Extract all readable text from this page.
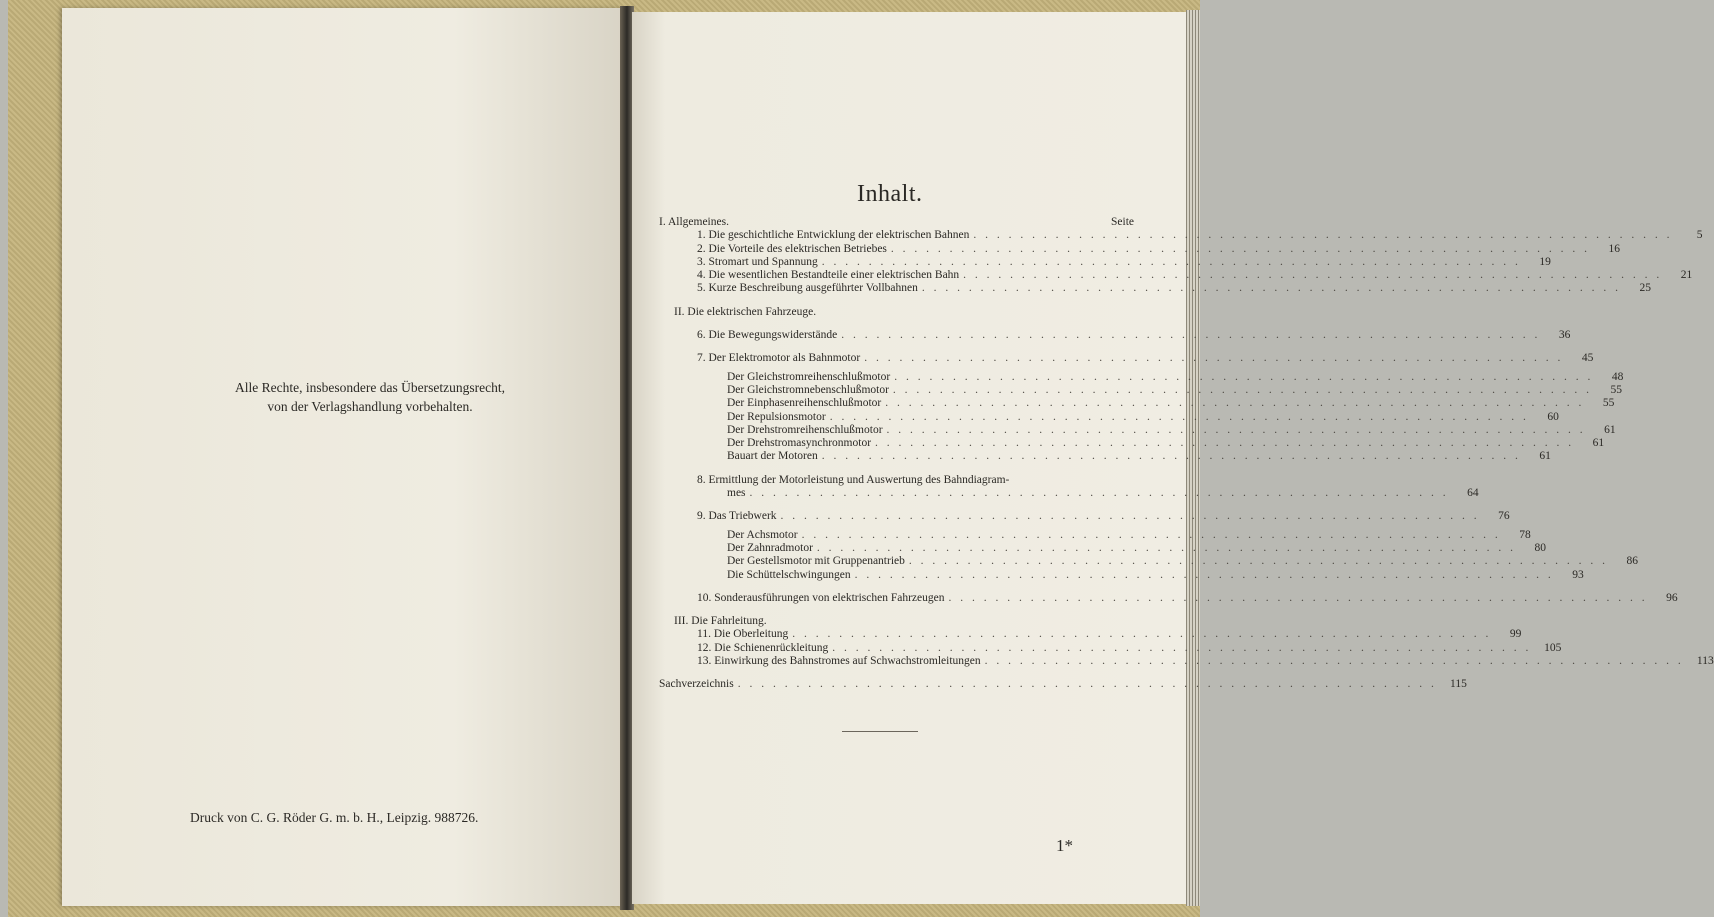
Alle Rechte, insbesondere das Übersetzungsrecht,
von der Verlagshandlung vorbehalten.
Druck von C. G. Röder G. m. b. H., Leipzig. 988726.
Inhalt.
I. Allgemeines.	Seite
1. Die geschichtliche Entwicklung der elektrischen Bahnen . . . . . . . . . . . . . . . . . . . . . . . . . . . . . . . . . . . . . . . . . . . . . . . . . . . . . . . . . . . .	5
2. Die Vorteile des elektrischen Betriebes . . . . . . . . . . . . . . . . . . . . . . . . . . . . . . . . . . . . . . . . . . . . . . . . . . . . . . . . . . . .	16
3. Stromart und Spannung . . . . . . . . . . . . . . . . . . . . . . . . . . . . . . . . . . . . . . . . . . . . . . . . . . . . . . . . . . . .	19
4. Die wesentlichen Bestandteile einer elektrischen Bahn . . . . . . . . . . . . . . . . . . . . . . . . . . . . . . . . . . . . . . . . . . . . . . . . . . . . . . . . . . . .	21
5. Kurze Beschreibung ausgeführter Vollbahnen . . . . . . . . . . . . . . . . . . . . . . . . . . . . . . . . . . . . . . . . . . . . . . . . . . . . . . . . . . . .	25
II. Die elektrischen Fahrzeuge.
6. Die Bewegungswiderstände . . . . . . . . . . . . . . . . . . . . . . . . . . . . . . . . . . . . . . . . . . . . . . . . . . . . . . . . . . . .	36
7. Der Elektromotor als Bahnmotor . . . . . . . . . . . . . . . . . . . . . . . . . . . . . . . . . . . . . . . . . . . . . . . . . . . . . . . . . . . .	45
Der Gleichstromreihenschlußmotor . . . . . . . . . . . . . . . . . . . . . . . . . . . . . . . . . . . . . . . . . . . . . . . . . . . . . . . . . . . .	48
Der Gleichstromnebenschlußmotor . . . . . . . . . . . . . . . . . . . . . . . . . . . . . . . . . . . . . . . . . . . . . . . . . . . . . . . . . . . .	55
Der Einphasenreihenschlußmotor . . . . . . . . . . . . . . . . . . . . . . . . . . . . . . . . . . . . . . . . . . . . . . . . . . . . . . . . . . . .	55
Der Repulsionsmotor . . . . . . . . . . . . . . . . . . . . . . . . . . . . . . . . . . . . . . . . . . . . . . . . . . . . . . . . . . . .	60
Der Drehstromreihenschlußmotor . . . . . . . . . . . . . . . . . . . . . . . . . . . . . . . . . . . . . . . . . . . . . . . . . . . . . . . . . . . .	61
Der Drehstromasynchronmotor . . . . . . . . . . . . . . . . . . . . . . . . . . . . . . . . . . . . . . . . . . . . . . . . . . . . . . . . . . . .	61
Bauart der Motoren . . . . . . . . . . . . . . . . . . . . . . . . . . . . . . . . . . . . . . . . . . . . . . . . . . . . . . . . . . . .	61
8. Ermittlung der Motorleistung und Auswertung des Bahndiagram-
mes . . . . . . . . . . . . . . . . . . . . . . . . . . . . . . . . . . . . . . . . . . . . . . . . . . . . . . . . . . . .	64
9. Das Triebwerk . . . . . . . . . . . . . . . . . . . . . . . . . . . . . . . . . . . . . . . . . . . . . . . . . . . . . . . . . . . .	76
Der Achsmotor . . . . . . . . . . . . . . . . . . . . . . . . . . . . . . . . . . . . . . . . . . . . . . . . . . . . . . . . . . . .	78
Der Zahnradmotor . . . . . . . . . . . . . . . . . . . . . . . . . . . . . . . . . . . . . . . . . . . . . . . . . . . . . . . . . . . .	80
Der Gestellsmotor mit Gruppenantrieb . . . . . . . . . . . . . . . . . . . . . . . . . . . . . . . . . . . . . . . . . . . . . . . . . . . . . . . . . . . .	86
Die Schüttelschwingungen . . . . . . . . . . . . . . . . . . . . . . . . . . . . . . . . . . . . . . . . . . . . . . . . . . . . . . . . . . . .	93
10. Sonderausführungen von elektrischen Fahrzeugen . . . . . . . . . . . . . . . . . . . . . . . . . . . . . . . . . . . . . . . . . . . . . . . . . . . . . . . . . . . .	96
III. Die Fahrleitung.
11. Die Oberleitung . . . . . . . . . . . . . . . . . . . . . . . . . . . . . . . . . . . . . . . . . . . . . . . . . . . . . . . . . . . .	99
12. Die Schienenrückleitung . . . . . . . . . . . . . . . . . . . . . . . . . . . . . . . . . . . . . . . . . . . . . . . . . . . . . . . . . . . .	105
13. Einwirkung des Bahnstromes auf Schwachstromleitungen . . . . . . . . . . . . . . . . . . . . . . . . . . . . . . . . . . . . . . . . . . . . . . . . . . . . . . . . . . . .	113
Sachverzeichnis . . . . . . . . . . . . . . . . . . . . . . . . . . . . . . . . . . . . . . . . . . . . . . . . . . . . . . . . . . . .	115
1*
